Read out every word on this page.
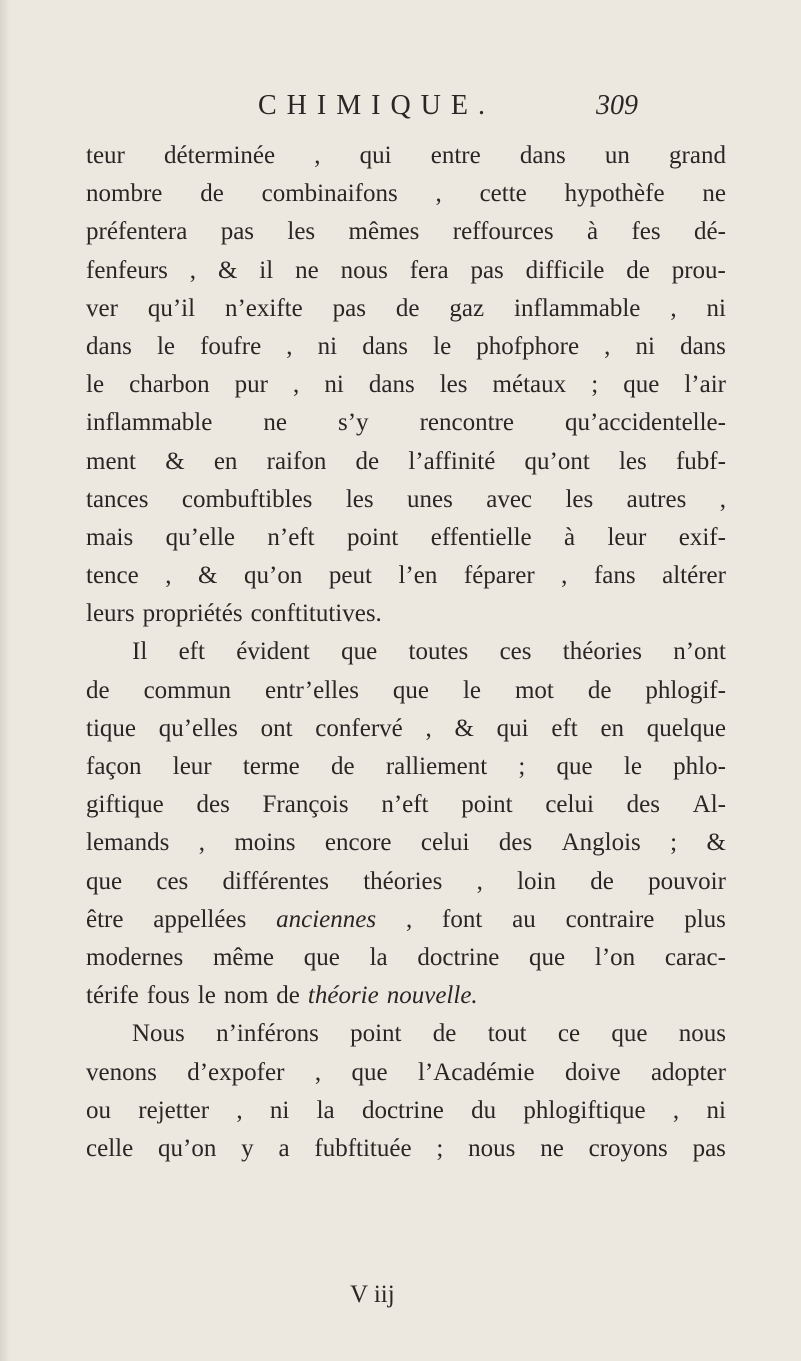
CHIMIQUE.	309
teur déterminée , qui entre dans un grand
nombre de combinaifons , cette hypothèfe ne
préfentera pas les mêmes reffources à fes dé-
fenfeurs , & il ne nous fera pas difficile de prou-
ver qu’il n’exifte pas de gaz inflammable , ni
dans le foufre , ni dans le phofphore , ni dans
le charbon pur , ni dans les métaux ; que l’air
inflammable ne s’y rencontre qu’accidentelle-
ment & en raifon de l’affinité qu’ont les fubf-
tances combuftibles les unes avec les autres ,
mais qu’elle n’eft point effentielle à leur exif-
tence , & qu’on peut l’en féparer , fans altérer
leurs propriétés conftitutives.
Il eft évident que toutes ces théories n’ont
de commun entr’elles que le mot de phlogif-
tique qu’elles ont confervé , & qui eft en quelque
façon leur terme de ralliement ; que le phlo-
giftique des François n’eft point celui des Al-
lemands , moins encore celui des Anglois ; &
que ces différentes théories , loin de pouvoir
être appellées anciennes , font au contraire plus
modernes même que la doctrine que l’on carac-
térife fous le nom de théorie nouvelle.
Nous n’inférons point de tout ce que nous
venons d’expofer , que l’Académie doive adopter
ou rejetter , ni la doctrine du phlogiftique , ni
celle qu’on y a fubftituée ; nous ne croyons pas
V iij
